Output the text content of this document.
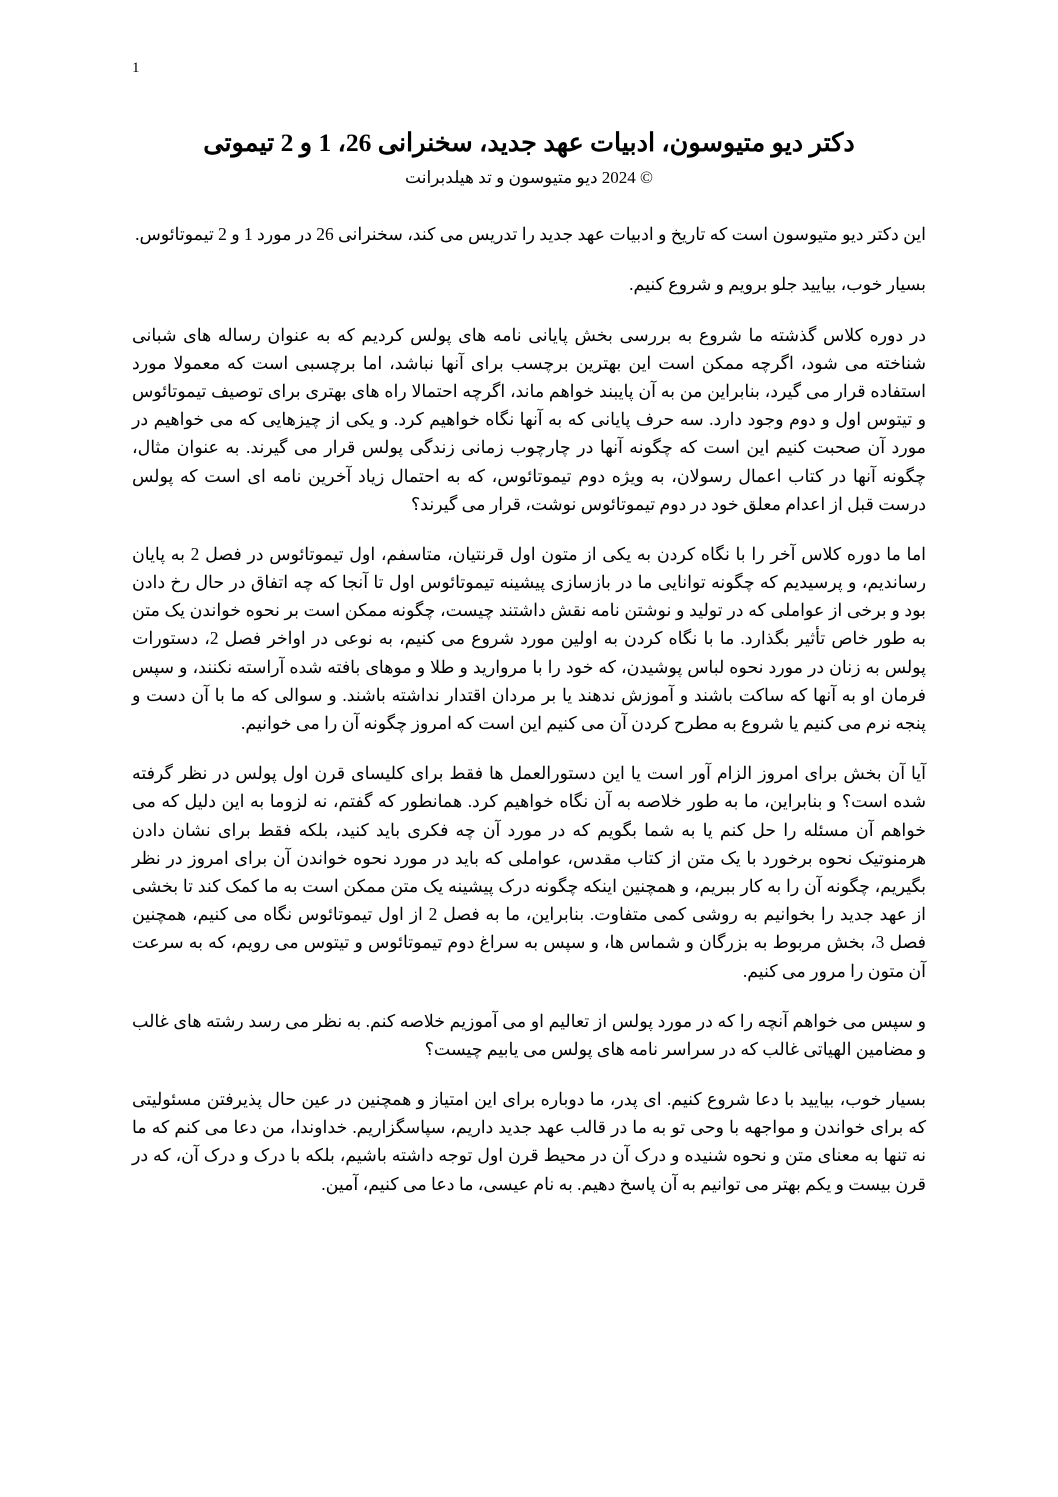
1
دکتر دیو متیوسون، ادبیات عهد جدید، سخنرانی 26، 1 و 2 تیموتی
© 2024 دیو متیوسون و تد هیلدبرانت

این دکتر دیو متیوسون است که تاریخ و ادبیات عهد جدید را تدریس می کند، سخنرانی 26 در مورد 1 و 2 تیموتائوس.

بسیار خوب، بیایید جلو برویم و شروع کنیم.

در دوره کلاس گذشته ما شروع به بررسی بخش پایانی نامه های پولس کردیم که به عنوان رساله های شبانی شناخته می شود، اگرچه ممکن است این بهترین برچسب برای آنها نباشد، اما برچسبی است که معمولا مورد استفاده قرار می گیرد، بنابراین من به آن پایبند خواهم ماند، اگرچه احتمالا راه های بهتری برای توصیف تیموتائوس و تیتوس اول و دوم وجود دارد. سه حرف پایانی که به آنها نگاه خواهیم کرد. و یکی از چیزهایی که می خواهیم در مورد آن صحبت کنیم این است که چگونه آنها در چارچوب زمانی زندگی پولس قرار می گیرند. به عنوان مثال، چگونه آنها در کتاب اعمال رسولان، به ویژه دوم تیموتائوس، که به احتمال زیاد آخرین نامه ای است که پولس درست قبل از اعدام معلق خود در دوم تیموتائوس نوشت، قرار می گیرند؟

اما ما دوره کلاس آخر را با نگاه کردن به یکی از متون اول قرنتیان، متاسفم، اول تیموتائوس در فصل 2 به پایان رساندیم، و پرسیدیم که چگونه توانایی ما در بازسازی پیشینه تیموتائوس اول تا آنجا که چه اتفاق در حال رخ دادن بود و برخی از عواملی که در تولید و نوشتن نامه نقش داشتند چیست، چگونه ممکن است بر نحوه خواندن یک متن به طور خاص تأثیر بگذارد. ما با نگاه کردن به اولین مورد شروع می کنیم، به نوعی در اواخر فصل 2، دستورات پولس به زنان در مورد نحوه لباس پوشیدن، که خود را با مروارید و طلا و موهای بافته شده آراسته نکنند، و سپس فرمان او به آنها که ساکت باشند و آموزش ندهند یا بر مردان اقتدار نداشته باشند. و سوالی که ما با آن دست و پنجه نرم می کنیم یا شروع به مطرح کردن آن می کنیم این است که امروز چگونه آن را می خوانیم.

آیا آن بخش برای امروز الزام آور است یا این دستورالعمل ها فقط برای کلیسای قرن اول پولس در نظر گرفته شده است؟ و بنابراین، ما به طور خلاصه به آن نگاه خواهیم کرد. همانطور که گفتم، نه لزوما به این دلیل که می خواهم آن مسئله را حل کنم یا به شما بگویم که در مورد آن چه فکری باید کنید، بلکه فقط برای نشان دادن هرمنوتیک نحوه برخورد با یک متن از کتاب مقدس، عواملی که باید در مورد نحوه خواندن آن برای امروز در نظر بگیریم، چگونه آن را به کار ببریم، و همچنین اینکه چگونه درک پیشینه یک متن ممکن است به ما کمک کند تا بخشی از عهد جدید را بخوانیم به روشی کمی متفاوت. بنابراین، ما به فصل 2 از اول تیموتائوس نگاه می کنیم، همچنین فصل 3، بخش مربوط به بزرگان و شماس ها، و سپس به سراغ دوم تیموتائوس و تیتوس می رویم، که به سرعت آن متون را مرور می کنیم.

و سپس می خواهم آنچه را که در مورد پولس از تعالیم او می آموزیم خلاصه کنم. به نظر می رسد رشته های غالب و مضامین الهیاتی غالب که در سراسر نامه های پولس می یابیم چیست؟

بسیار خوب، بیایید با دعا شروع کنیم. ای پدر، ما دوباره برای این امتیاز و همچنین در عین حال پذیرفتن مسئولیتی که برای خواندن و مواجهه با وحی تو به ما در قالب عهد جدید داریم، سپاسگزاریم. خداوندا، من دعا می کنم که ما نه تنها به معنای متن و نحوه شنیده و درک آن در محیط قرن اول توجه داشته باشیم، بلکه با درک و درک آن، که در قرن بیست و یکم بهتر می توانیم به آن پاسخ دهیم. به نام عیسی، ما دعا می کنیم، آمین.
